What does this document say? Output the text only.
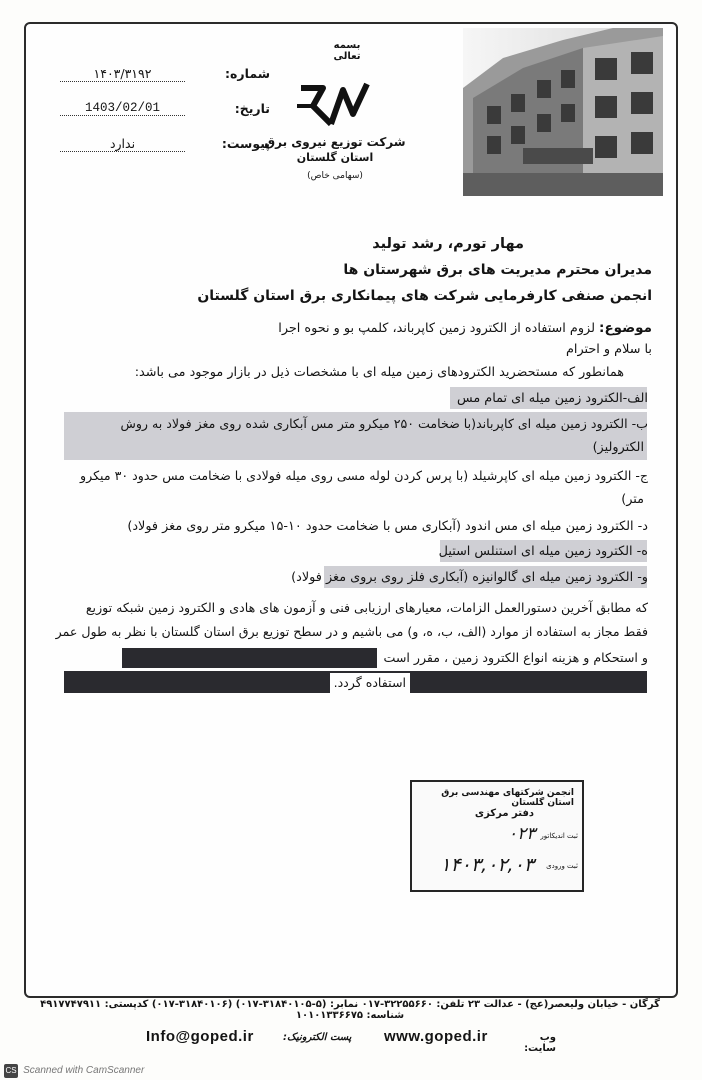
بسمه تعالی
شماره:
۱۴۰۳/۳۱۹۲
تاریخ:
1403/02/01
پیوست:
ندارد	شرکت توزیع نیروی برق
استان گلستان
(سهامی خاص)
مهار تورم، رشد تولید
مدیران محترم مدیریت های برق شهرستان ها
انجمن صنفی کارفرمایی شرکت های پیمانکاری برق استان گلستان
موضوع: لزوم استفاده از الکترود زمین کاپرباند، کلمپ بو و نحوه اجرا
با سلام و احترام
همانطور که مستحضرید الکترودهای زمین میله ای با مشخصات ذیل در بازار موجود می باشد:
الف-الکترود زمین میله ای تمام مس
ب- الکترود زمین میله ای کاپرباند(با ضخامت ۲۵۰ میکرو متر مس آبکاری شده روی مغز فولاد به روش
الکترولیز)
ج- الکترود زمین میله ای کاپرشیلد (با پرس کردن لوله مسی روی میله فولادی با ضخامت مس حدود ۳۰ میکرو
متر)
د- الکترود زمین میله ای مس اندود (آبکاری مس با ضخامت حدود ۱۰-۱۵ میکرو متر روی مغز فولاد)
ه- الکترود زمین میله ای استنلس استیل
و- الکترود زمین میله ای گالوانیزه (آبکاری فلز روی بروی مغز فولاد)
که مطابق آخرین دستورالعمل الزامات، معیارهای ارزیابی فنی و آزمون های هادی و الکترود زمین شبکه توزیع
فقط مجاز به استفاده از موارد (الف، ب، ه، و) می باشیم و در سطح توزیع برق استان گلستان با نظر به طول عمر
و استحکام و هزینه انواع الکترود زمین ، مقرر است
استفاده گردد.
انجمن شرکتهای مهندسی برق استان گلستان
دفتر مرکزی
ثبت اندیکاتور
۰۲۳
ثبت ورودی
۱۴۰۳,۰۲,۰۳
گرگان - خیابان ولیعصر(عج) - عدالت ۲۳ تلفن: ۳۲۲۵۵۶۶۰-۰۱۷ نمابر: (۵-۳۱۸۴۰۱۰۵-۰۱۷) (۳۱۸۴۰۱۰۶-۰۱۷) کدپستی: ۴۹۱۷۷۴۷۹۱۱ شناسه: ۱۰۱۰۱۳۳۶۶۷۵
Info@goped.ir	پست الکترونیک: www.goped.ir	وب سایت:
CS Scanned with CamScanner
